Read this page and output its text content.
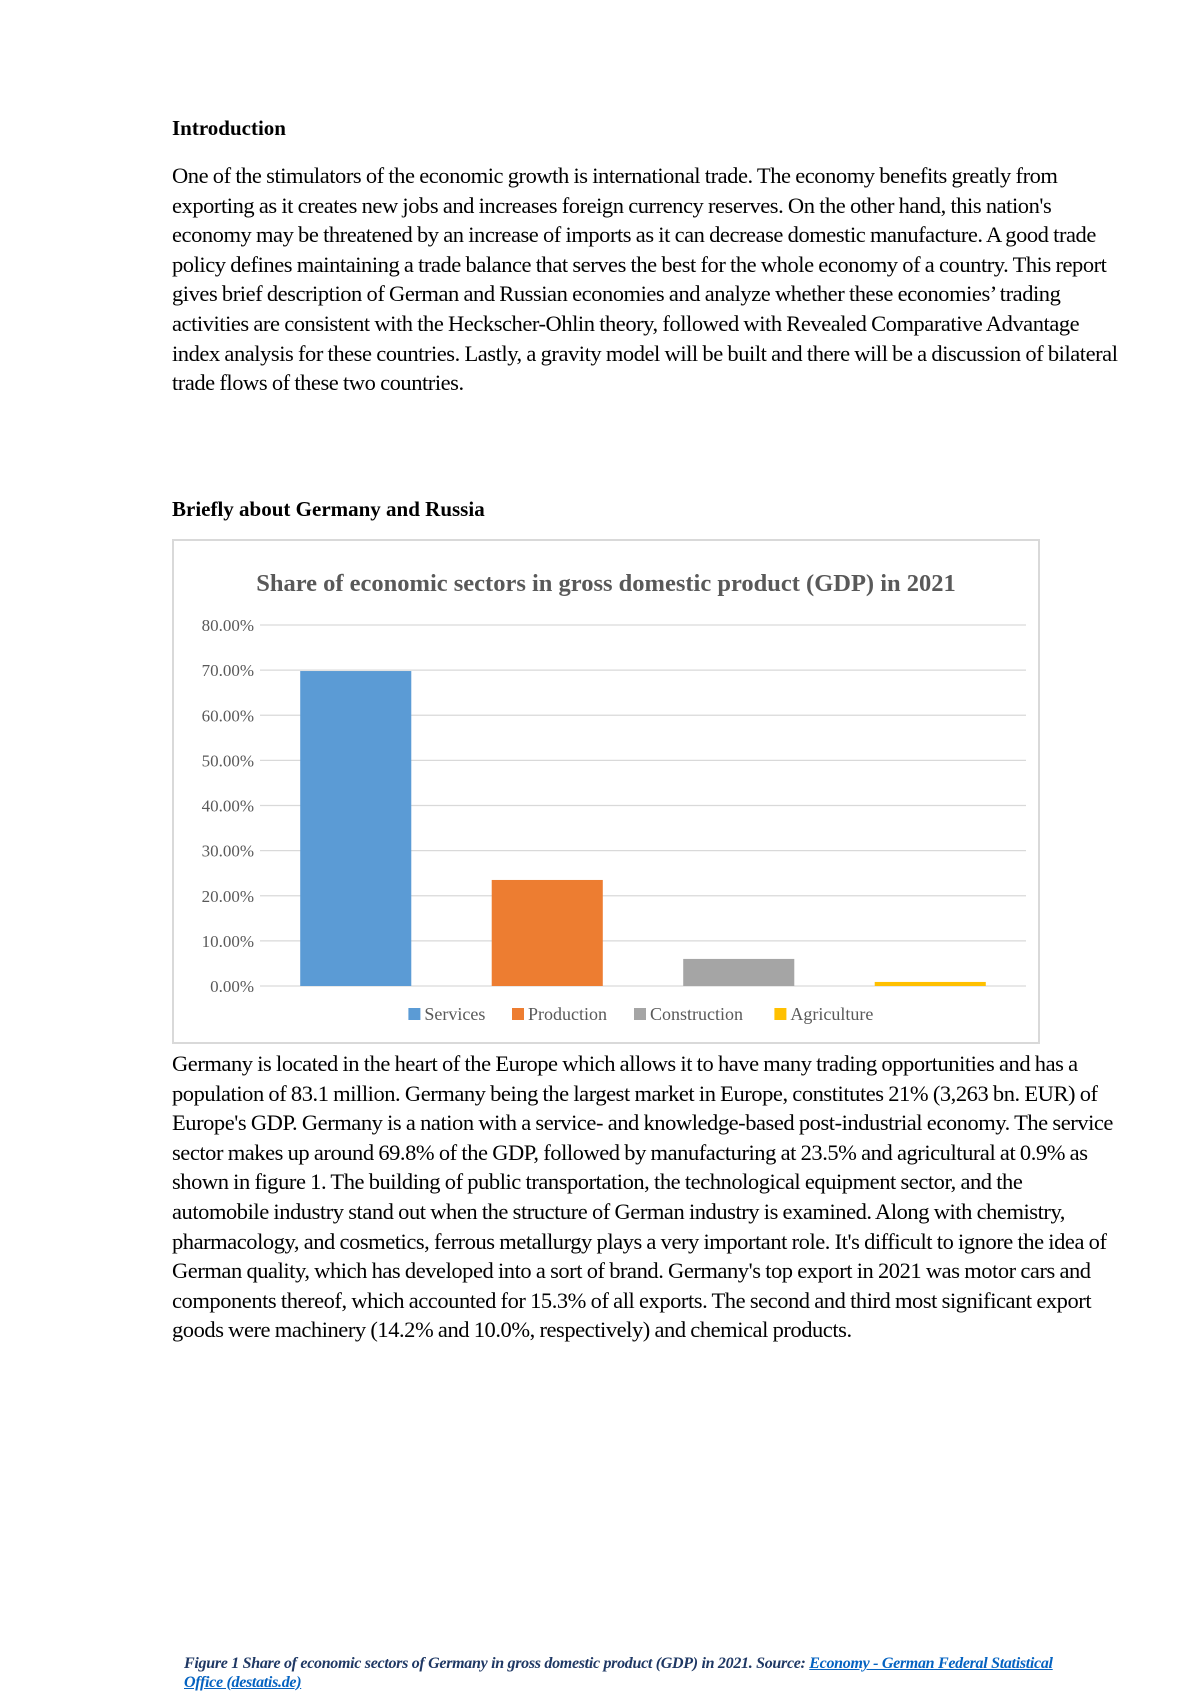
Introduction

One of the stimulators of the economic growth is international trade. The economy benefits greatly from exporting as it creates new jobs and increases foreign currency reserves. On the other hand, this nation's economy may be threatened by an increase of imports as it can decrease domestic manufacture. A good trade policy defines maintaining a trade balance that serves the best for the whole economy of a country. This report gives brief description of German and Russian economies and analyze whether these economies’ trading activities are consistent with the Heckscher-Ohlin theory, followed with Revealed Comparative Advantage index analysis for these countries. Lastly, a gravity model will be built and there will be a discussion of bilateral trade flows of these two countries.

Briefly about Germany and Russia
Share of economic sectors in gross domestic product (GDP) in 2021
0.00%
10.00%
20.00%
30.00%
40.00%
50.00%
60.00%
70.00%
80.00%
Services Production Construction	Agriculture

Germany is located in the heart of the Europe which allows it to have many trading opportunities and has a population of 83.1 million. Germany being the largest market in Europe, constitutes 21% (3,263 bn. EUR) of Europe's GDP. Germany is a nation with a service- and knowledge-based post-industrial economy. The service sector makes up around 69.8% of the GDP, followed by manufacturing at 23.5% and agricultural at 0.9% as shown in figure 1. The building of public transportation, the technological equipment sector, and the automobile industry stand out when the structure of German industry is examined. Along with chemistry, pharmacology, and cosmetics, ferrous metallurgy plays a very important role. It's difficult to ignore the idea of German quality, which has developed into a sort of brand. Germany's top export in 2021 was motor cars and components thereof, which accounted for 15.3% of all exports. The second and third most significant export goods were machinery (14.2% and 10.0%, respectively) and chemical products.

Figure 1 Share of economic sectors of Germany in gross domestic product (GDP) in 2021. Source: Economy - German Federal Statistical Office (destatis.de)
